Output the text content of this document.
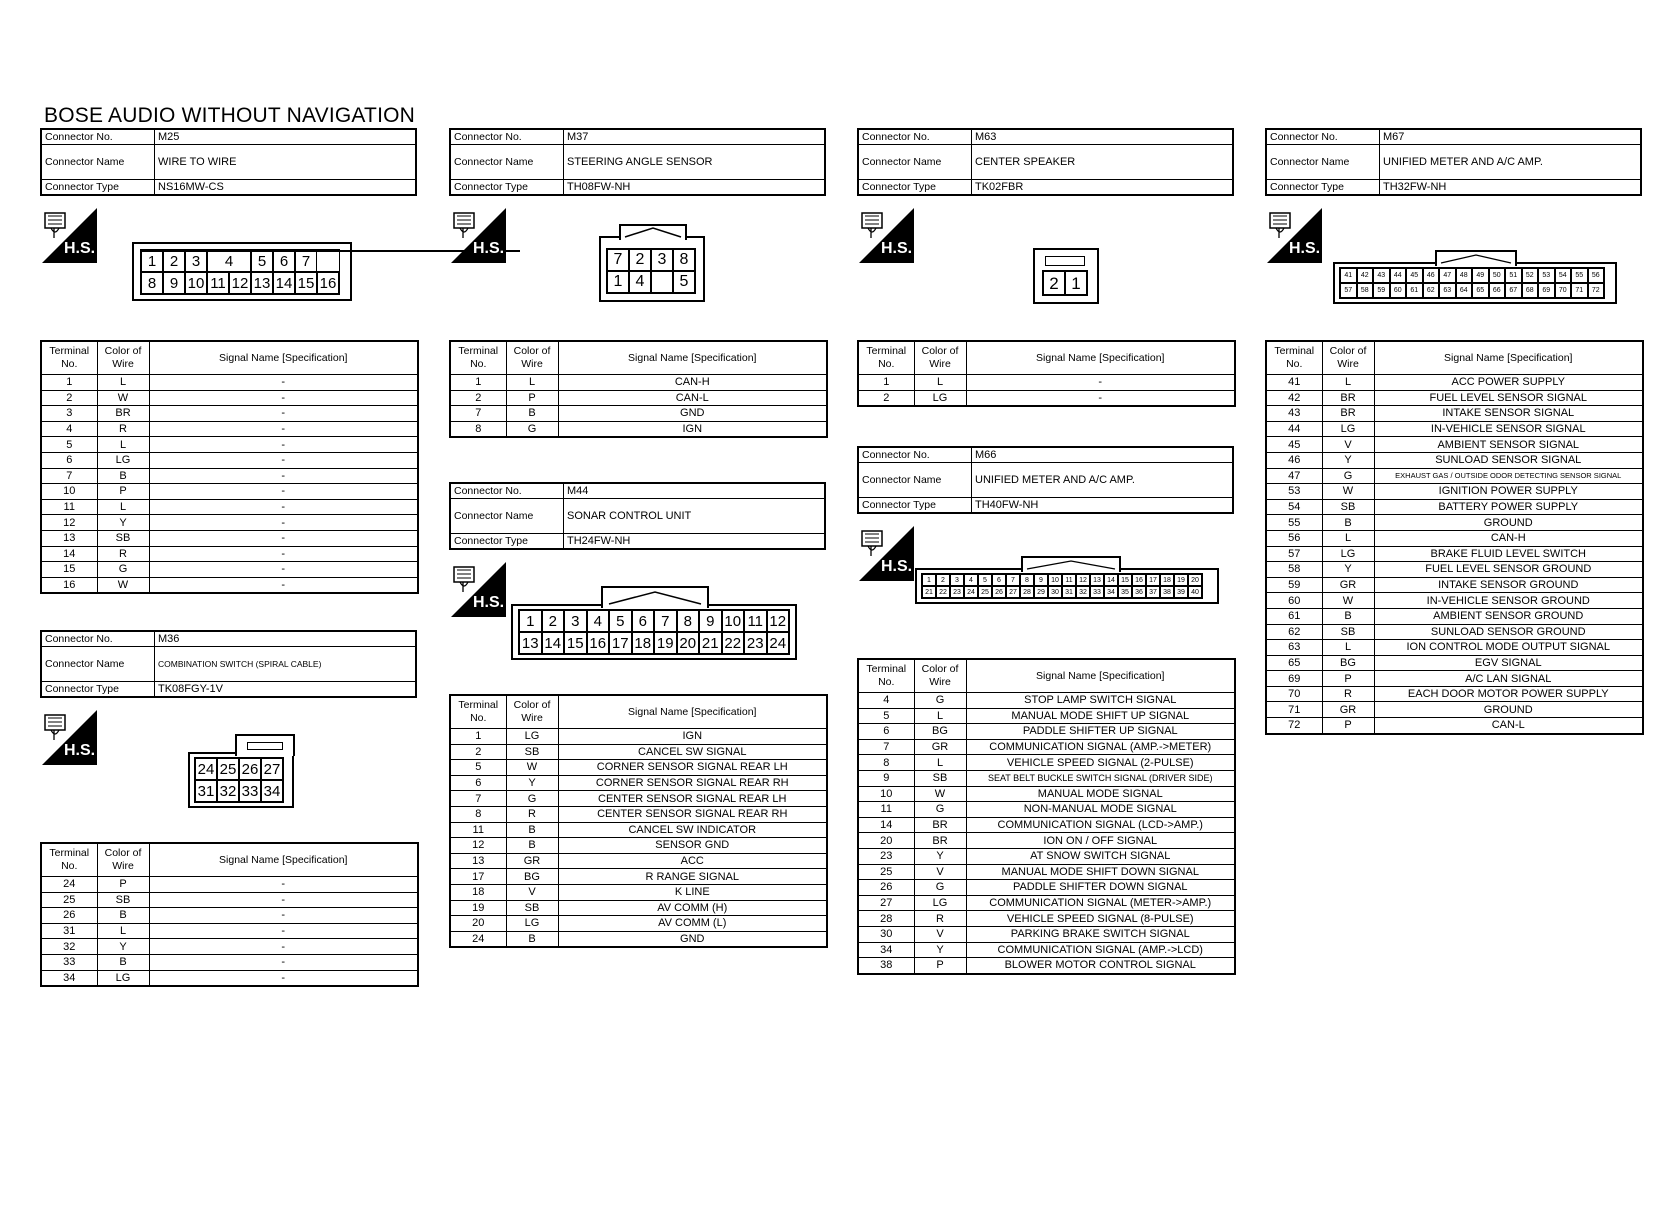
BOSE AUDIO WITHOUT NAVIGATION
Connector No.	M25
Connector Name	WIRE TO WIRE
Connector Type	NS16MW-CS
H.S.
1 2 3	4	5 6 7
8 9 10 11 12 13 14 15 16
Terminal No.	Color of Wire	Signal Name [Specification]
1	L	-
2	W	-
3	BR	-
4	R	-
5	L	-
6	LG	-
7	B	-
10	P	-
11	L	-
12	Y	-
13	SB	-
14	R	-
15	G	-
16	W	-
Connector No.	M36
Connector Name	COMBINATION SWITCH (SPIRAL CABLE)
Connector Type	TK08FGY-1V
H.S.
24 25 26 27
31 32 33 34
Terminal No.	Color of Wire	Signal Name [Specification]
24	P	-
25	SB	-
26	B	-
31	L	-
32	Y	-
33	B	-
34	LG	-
Connector No.	M37
Connector Name	STEERING ANGLE SENSOR
Connector Type	TH08FW-NH
H.S.
7 2 3 8
1 4	5
Terminal No.	Color of Wire	Signal Name [Specification]
1	L	CAN-H
2	P	CAN-L
7	B	GND
8	G	IGN
Connector No.	M44
Connector Name	SONAR CONTROL UNIT
Connector Type	TH24FW-NH
H.S.
1 2 3 4 5 6 7 8 9 10 11 12
13 14 15 16 17 18 19 20 21 22 23 24
Terminal No.	Color of Wire	Signal Name [Specification]
1	LG	IGN
2	SB	CANCEL SW SIGNAL
5	W	CORNER SENSOR SIGNAL REAR LH
6	Y	CORNER SENSOR SIGNAL REAR RH
7	G	CENTER SENSOR SIGNAL REAR LH
8	R	CENTER SENSOR SIGNAL REAR RH
11	B	CANCEL SW INDICATOR
12	B	SENSOR GND
13	GR	ACC
17	BG	R RANGE SIGNAL
18	V	K LINE
19	SB	AV COMM (H)
20	LG	AV COMM (L)
24	B	GND
Connector No.	M63
Connector Name	CENTER SPEAKER
Connector Type	TK02FBR
H.S.
2 1
Terminal No.	Color of Wire	Signal Name [Specification]
1	L	-
2	LG	-
Connector No.	M66
Connector Name	UNIFIED METER AND A/C AMP.
Connector Type	TH40FW-NH
H.S.
1	2	3	4	5	6	7	8	9	10 11 12 13 14 15 16 17 18 19 20
21 22 23 24 25 26 27 28 29 30 31 32 33 34 35 36 37 38 39 40
Terminal No.	Color of Wire	Signal Name [Specification]
4	G	STOP LAMP SWITCH SIGNAL
5	L	MANUAL MODE SHIFT UP SIGNAL
6	BG	PADDLE SHIFTER UP SIGNAL
7	GR	COMMUNICATION SIGNAL (AMP.->METER)
8	L	VEHICLE SPEED SIGNAL (2-PULSE)
9	SB	SEAT BELT BUCKLE SWITCH SIGNAL (DRIVER SIDE)
10	W	MANUAL MODE SIGNAL
11	G	NON-MANUAL MODE SIGNAL
14	BR	COMMUNICATION SIGNAL (LCD->AMP.)
20	BR	ION ON / OFF SIGNAL
23	Y	AT SNOW SWITCH SIGNAL
25	V	MANUAL MODE SHIFT DOWN SIGNAL
26	G	PADDLE SHIFTER DOWN SIGNAL
27	LG	COMMUNICATION SIGNAL (METER->AMP.)
28	R	VEHICLE SPEED SIGNAL (8-PULSE)
30	V	PARKING BRAKE SWITCH SIGNAL
34	Y	COMMUNICATION SIGNAL (AMP.->LCD)
38	P	BLOWER MOTOR CONTROL SIGNAL
Connector No.	M67
Connector Name	UNIFIED METER AND A/C AMP.
Connector Type	TH32FW-NH
H.S.
41	42	43	44	45	46	47	48	49	50	51	52	53	54	55	56
57	58	59	60	61	62	63	64	65	66	67	68	69	70	71	72
Terminal No.	Color of Wire	Signal Name [Specification]
41	L	ACC POWER SUPPLY
42	BR	FUEL LEVEL SENSOR SIGNAL
43	BR	INTAKE SENSOR SIGNAL
44	LG	IN-VEHICLE SENSOR SIGNAL
45	V	AMBIENT SENSOR SIGNAL
46	Y	SUNLOAD SENSOR SIGNAL
47	G	EXHAUST GAS / OUTSIDE ODOR DETECTING SENSOR SIGNAL
53	W	IGNITION POWER SUPPLY
54	SB	BATTERY POWER SUPPLY
55	B	GROUND
56	L	CAN-H
57	LG	BRAKE FLUID LEVEL SWITCH
58	Y	FUEL LEVEL SENSOR GROUND
59	GR	INTAKE SENSOR GROUND
60	W	IN-VEHICLE SENSOR GROUND
61	B	AMBIENT SENSOR GROUND
62	SB	SUNLOAD SENSOR GROUND
63	L	ION CONTROL MODE OUTPUT SIGNAL
65	BG	EGV SIGNAL
69	P	A/C LAN SIGNAL
70	R	EACH DOOR MOTOR POWER SUPPLY
71	GR	GROUND
72	P	CAN-L
